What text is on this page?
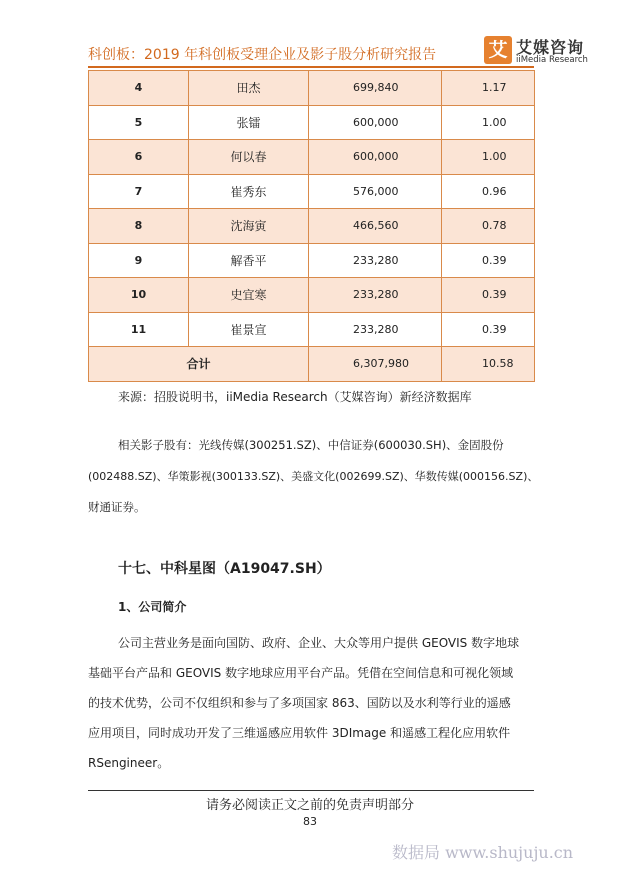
科创板：2019 年科创板受理企业及影子股分析研究报告	艾 艾媒咨询
iiMedia Research
4	田杰	699,840	1.17
5	张镭	600,000	1.00
6	何以春	600,000	1.00
7	崔秀东	576,000	0.96
8	沈海寅	466,560	0.78
9	解香平	233,280	0.39
10	史宜寒	233,280	0.39
11	崔景宣	233,280	0.39
合计		6,307,980	10.58
来源：招股说明书，iiMedia Research（艾媒咨询）新经济数据库
相关影子股有：光线传媒(300251.SZ)、中信证券(600030.SH)、金固股份
(002488.SZ)、华策影视(300133.SZ)、美盛文化(002699.SZ)、华数传媒(000156.SZ)、
财通证券。
十七、中科星图（A19047.SH）
1、公司简介
公司主营业务是面向国防、政府、企业、大众等用户提供 GEOVIS 数字地球
基础平台产品和 GEOVIS 数字地球应用平台产品。凭借在空间信息和可视化领域
的技术优势，公司不仅组织和参与了多项国家 863、国防以及水利等行业的遥感
应用项目，同时成功开发了三维遥感应用软件 3DImage 和遥感工程化应用软件
RSengineer。
请务必阅读正文之前的免责声明部分
83
数据局 www.shujuju.cn
